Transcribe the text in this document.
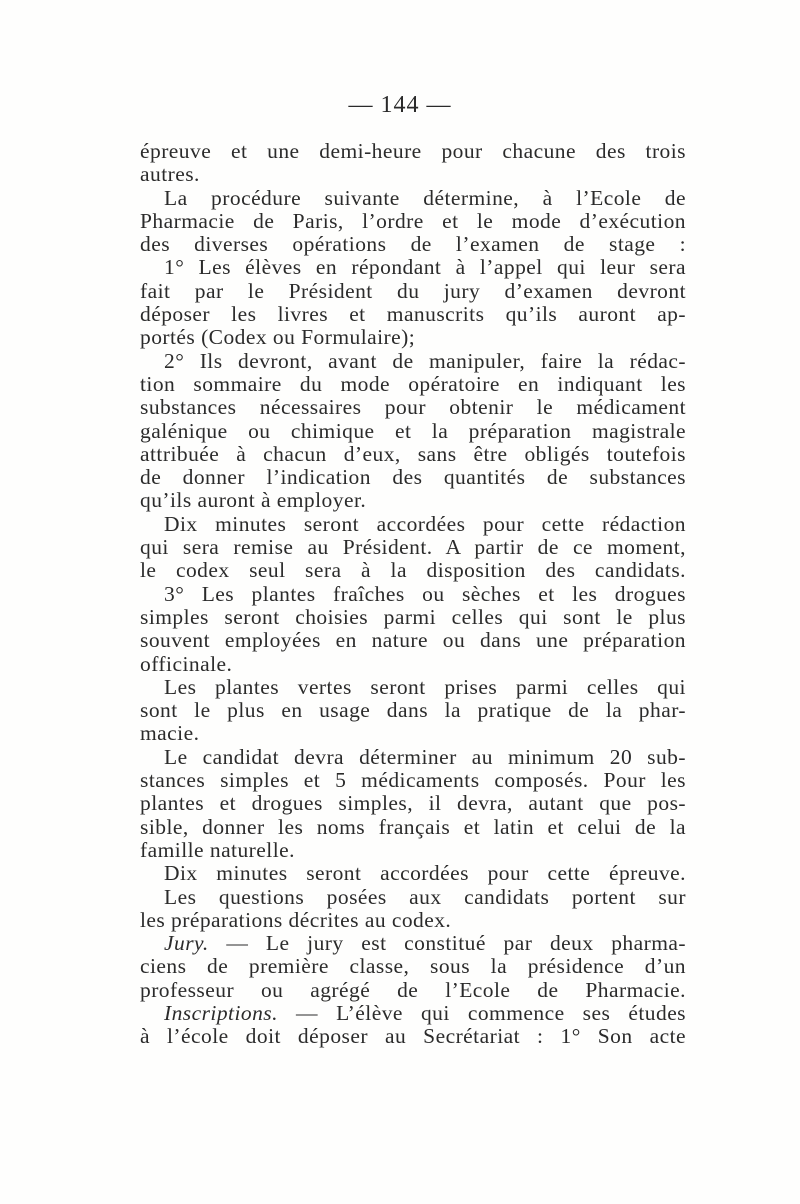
— 144 —
épreuve et une demi-heure pour chacune des trois
autres.
La procédure suivante détermine, à l’Ecole de
Pharmacie de Paris, l’ordre et le mode d’exécution
des diverses opérations de l’examen de stage :
1° Les élèves en répondant à l’appel qui leur sera
fait par le Président du jury d’examen devront
déposer les livres et manuscrits qu’ils auront ap-
portés (Codex ou Formulaire);
2° Ils devront, avant de manipuler, faire la rédac-
tion sommaire du mode opératoire en indiquant les
substances nécessaires pour obtenir le médicament
galénique ou chimique et la préparation magistrale
attribuée à chacun d’eux, sans être obligés toutefois
de donner l’indication des quantités de substances
qu’ils auront à employer.
Dix minutes seront accordées pour cette rédaction
qui sera remise au Président. A partir de ce moment,
le codex seul sera à la disposition des candidats.
3° Les plantes fraîches ou sèches et les drogues
simples seront choisies parmi celles qui sont le plus
souvent employées en nature ou dans une préparation
officinale.
Les plantes vertes seront prises parmi celles qui
sont le plus en usage dans la pratique de la phar-
macie.
Le candidat devra déterminer au minimum 20 sub-
stances simples et 5 médicaments composés. Pour les
plantes et drogues simples, il devra, autant que pos-
sible, donner les noms français et latin et celui de la
famille naturelle.
Dix minutes seront accordées pour cette épreuve.
Les questions posées aux candidats portent sur
les préparations décrites au codex.
Jury. — Le jury est constitué par deux pharma-
ciens de première classe, sous la présidence d’un
professeur ou agrégé de l’Ecole de Pharmacie.
Inscriptions. — L’élève qui commence ses études
à l’école doit déposer au Secrétariat : 1° Son acte
